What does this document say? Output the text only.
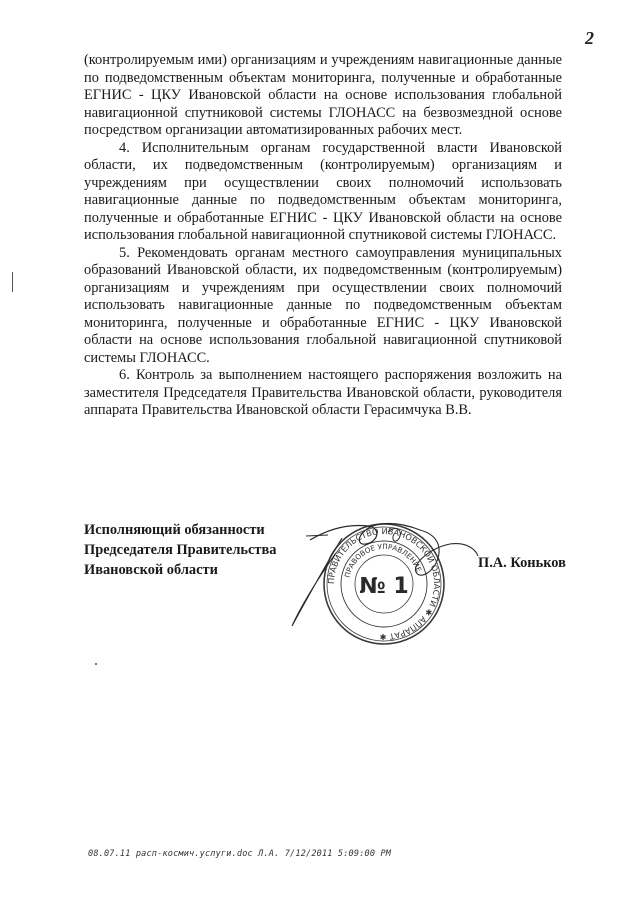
2

(контролируемым ими) организациям и учреждениям навигационные данные по подведомственным объектам мониторинга, полученные и обработанные ЕГНИС - ЦКУ Ивановской области на основе использования глобальной навигационной спутниковой системы ГЛОНАСС на безвозмездной основе посредством организации автоматизированных рабочих мест.

4. Исполнительным органам государственной власти Ивановской области, их подведомственным (контролируемым) организациям и учреждениям при осуществлении своих полномочий использовать навигационные данные по подведомственным объектам мониторинга, полученные и обработанные ЕГНИС - ЦКУ Ивановской области на основе использования глобальной навигационной спутниковой системы ГЛОНАСС.

5. Рекомендовать органам местного самоуправления муниципальных образований Ивановской области, их подведомственным (контролируемым) организациям и учреждениям при осуществлении своих полномочий использовать навигационные данные по подведомственным объектам мониторинга, полученные и обработанные ЕГНИС - ЦКУ Ивановской области на основе использования глобальной навигационной спутниковой системы ГЛОНАСС.

6. Контроль за выполнением настоящего распоряжения возложить на заместителя Председателя Правительства Ивановской области, руководителя аппарата Правительства Ивановской области Герасимчука В.В.

Исполняющий обязанности
Председателя Правительства
Ивановской области	П.А. Коньков
ПРАВИТЕЛЬСТВО ИВАНОВСКОЙ ОБЛАСТИ ✱ АППАРАТ ✱
ПРАВОВОЕ УПРАВЛЕНИЕ
№ 1
08.07.11 расп-космич.услуги.doc Л.А. 7/12/2011 5:09:00 PM
